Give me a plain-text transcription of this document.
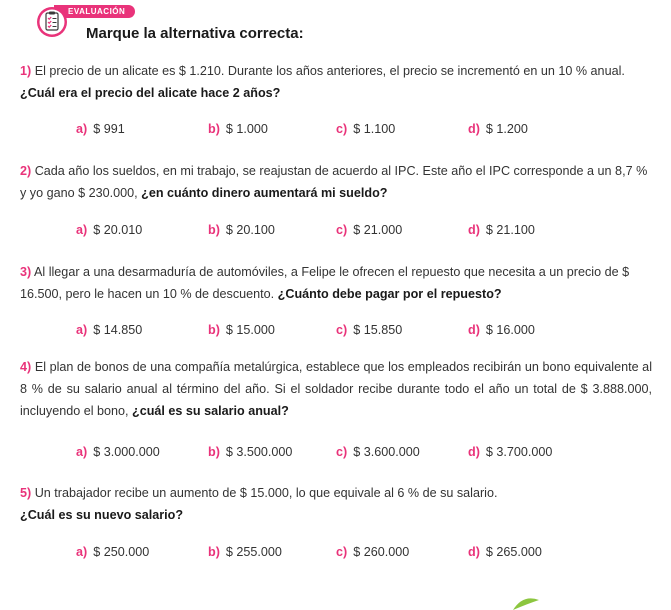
EVALUACIÓN
Marque la alternativa correcta:
1) El precio de un alicate es $ 1.210. Durante los años anteriores, el precio se incrementó en un 10 % anual. ¿Cuál era el precio del alicate hace 2 años?
a) $ 991	b) $ 1.000	c) $ 1.100	d) $ 1.200
2) Cada año los sueldos, en mi trabajo, se reajustan de acuerdo al IPC. Este año el IPC corresponde a un 8,7 % y yo gano $ 230.000, ¿en cuánto dinero aumentará mi sueldo?
a) $ 20.010	b) $ 20.100	c) $ 21.000	d) $ 21.100
3) Al llegar a una desarmaduría de automóviles, a Felipe le ofrecen el repuesto que necesita a un precio de $ 16.500, pero le hacen un 10 % de descuento. ¿Cuánto debe pagar por el repuesto?
a) $ 14.850	b) $ 15.000	c) $ 15.850	d) $ 16.000
4) El plan de bonos de una compañía metalúrgica, establece que los empleados recibirán un bono equivalente al 8 % de su salario anual al término del año. Si el soldador recibe durante todo el año un total de $ 3.888.000, incluyendo el bono, ¿cuál es su salario anual?
a) $ 3.000.000	b) $ 3.500.000	c) $ 3.600.000	d) $ 3.700.000
5) Un trabajador recibe un aumento de $ 15.000, lo que equivale al 6 % de su salario.
¿Cuál es su nuevo salario?
a) $ 250.000	b) $ 255.000	c) $ 260.000	d) $ 265.000
